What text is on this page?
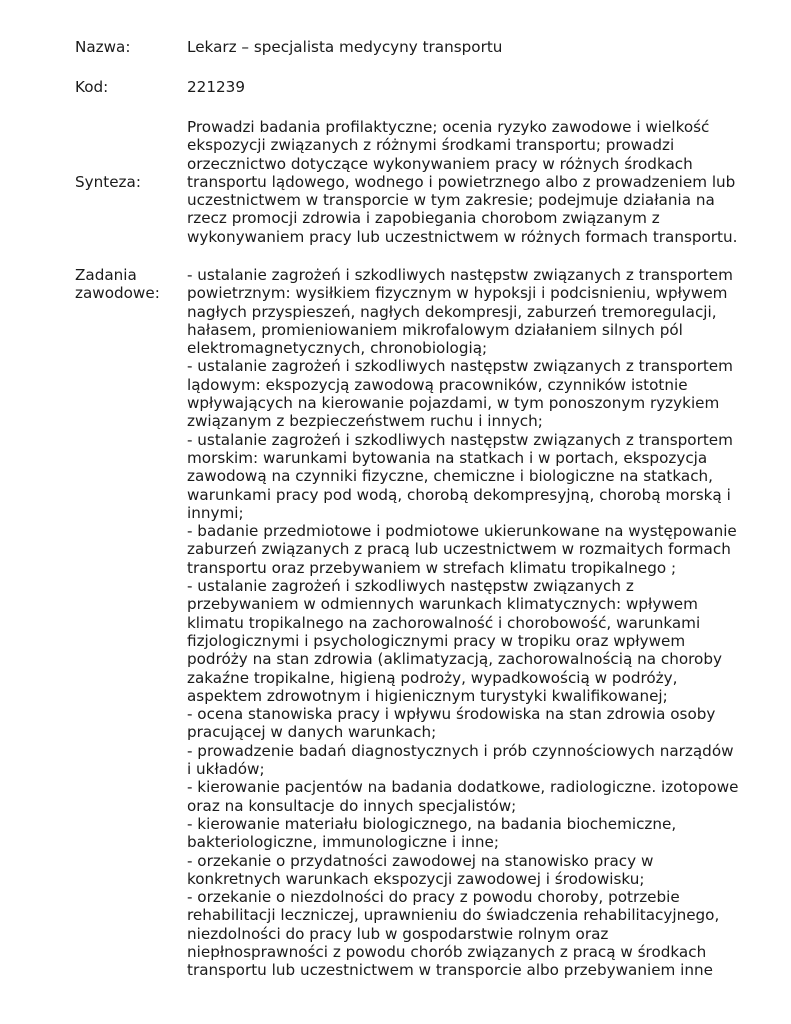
Nazwa:	Lekarz – specjalista medycyny transportu
Kod:	221239
Synteza:
Prowadzi badania profilaktyczne; ocenia ryzyko zawodowe i wielkość
ekspozycji związanych z różnymi środkami transportu; prowadzi
orzecznictwo dotyczące wykonywaniem pracy w różnych środkach
transportu lądowego, wodnego i powietrznego albo z prowadzeniem lub
uczestnictwem w transporcie w tym zakresie; podejmuje działania na
rzecz promocji zdrowia i zapobiegania chorobom związanym z
wykonywaniem pracy lub uczestnictwem w różnych formach transportu.
Zadania
zawodowe:
- ustalanie zagrożeń i szkodliwych następstw związanych z transportem
powietrznym: wysiłkiem fizycznym w hypoksji i podcisnieniu, wpływem
nagłych przyspieszeń, nagłych dekompresji, zaburzeń tremoregulacji,
hałasem, promieniowaniem mikrofalowym działaniem silnych pól
elektromagnetycznych, chronobiologią;
- ustalanie zagrożeń i szkodliwych następstw związanych z transportem
lądowym: ekspozycją zawodową pracowników, czynników istotnie
wpływających na kierowanie pojazdami, w tym ponoszonym ryzykiem
związanym z bezpieczeństwem ruchu i innych;
- ustalanie zagrożeń i szkodliwych następstw związanych z transportem
morskim: warunkami bytowania na statkach i w portach, ekspozycja
zawodową na czynniki fizyczne, chemiczne i biologiczne na statkach,
warunkami pracy pod wodą, chorobą dekompresyjną, chorobą morską i
innymi;
- badanie przedmiotowe i podmiotowe ukierunkowane na występowanie
zaburzeń związanych z pracą lub uczestnictwem w rozmaitych formach
transportu oraz przebywaniem w strefach klimatu tropikalnego ;
- ustalanie zagrożeń i szkodliwych następstw związanych z
przebywaniem w odmiennych warunkach klimatycznych: wpływem
klimatu tropikalnego na zachorowalność i chorobowość, warunkami
fizjologicznymi i psychologicznymi pracy w tropiku oraz wpływem
podróży na stan zdrowia (aklimatyzacją, zachorowalnością na choroby
zakaźne tropikalne, higieną podroży, wypadkowością w podróży,
aspektem zdrowotnym i higienicznym turystyki kwalifikowanej;
- ocena stanowiska pracy i wpływu środowiska na stan zdrowia osoby
pracującej w danych warunkach;
- prowadzenie badań diagnostycznych i prób czynnościowych narządów
i układów;
- kierowanie pacjentów na badania dodatkowe, radiologiczne. izotopowe
oraz na konsultacje do innych specjalistów;
- kierowanie materiału biologicznego, na badania biochemiczne,
bakteriologiczne, immunologiczne i inne;
- orzekanie o przydatności zawodowej na stanowisko pracy w
konkretnych warunkach ekspozycji zawodowej i środowisku;
- orzekanie o niezdolności do pracy z powodu choroby, potrzebie
rehabilitacji leczniczej, uprawnieniu do świadczenia rehabilitacyjnego,
niezdolności do pracy lub w gospodarstwie rolnym oraz
niepłnosprawności z powodu chorób związanych z pracą w środkach
transportu lub uczestnictwem w transporcie albo przebywaniem inne
